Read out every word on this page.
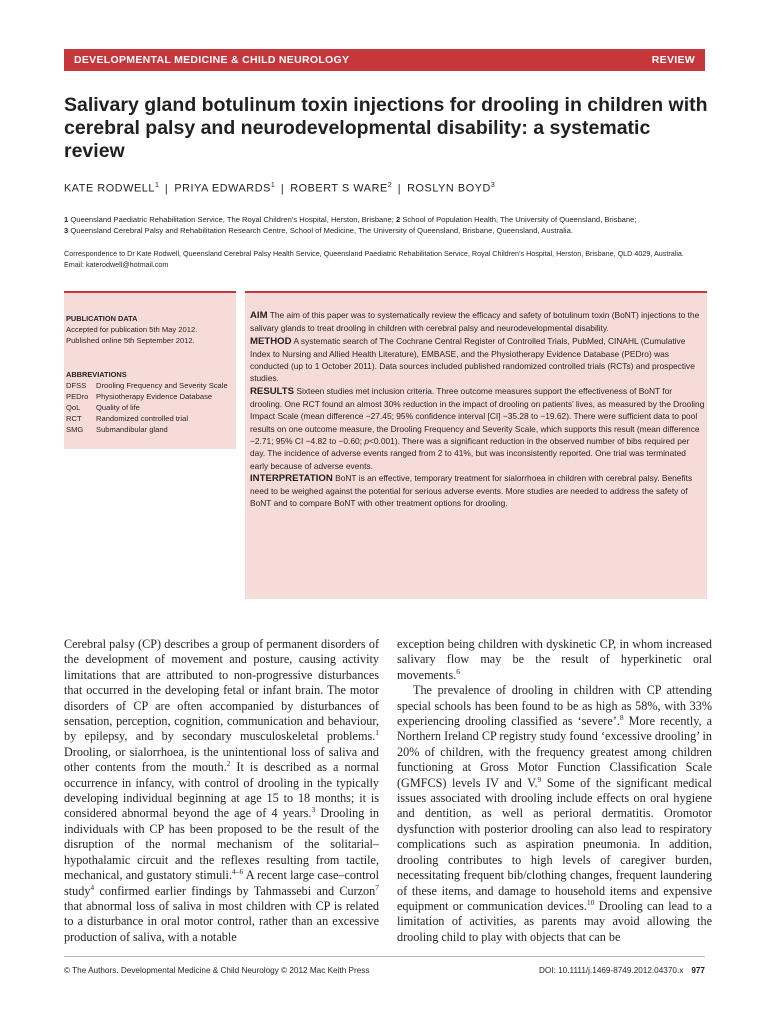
DEVELOPMENTAL MEDICINE & CHILD NEUROLOGY	REVIEW
Salivary gland botulinum toxin injections for drooling in children with cerebral palsy and neurodevelopmental disability: a systematic review
KATE RODWELL$^1$ | PRIYA EDWARDS$^1$ | ROBERT S WARE$^2$ | ROSLYN BOYD$^3$
1 Queensland Paediatric Rehabilitation Service, The Royal Children’s Hospital, Herston, Brisbane; 2 School of Population Health, The University of Queensland, Brisbane;
3 Queensland Cerebral Palsy and Rehabilitation Research Centre, School of Medicine, The University of Queensland, Brisbane, Queensland, Australia.
Correspondence to Dr Kate Rodwell, Queensland Cerebral Palsy Health Service, Queensland Paediatric Rehabilitation Service, Royal Children’s Hospital, Herston, Brisbane, QLD 4029, Australia.
Email: katerodwell@hotmail.com
PUBLICATION DATA
Accepted for publication 5th May 2012.
Published online 5th September 2012.
ABBREVIATIONS
DFSS	Drooling Frequency and Severity Scale
PEDro	Physiotherapy Evidence Database
QoL	Quality of life
RCT	Randomized controlled trial
SMG	Submandibular gland

AIM The aim of this paper was to systematically review the efficacy and safety of botulinum toxin (BoNT) injections to the salivary glands to treat drooling in children with cerebral palsy and neurodevelopmental disability.

METHOD A systematic search of The Cochrane Central Register of Controlled Trials, PubMed, CINAHL (Cumulative Index to Nursing and Allied Health Literature), EMBASE, and the Physiotherapy Evidence Database (PEDro) was conducted (up to 1 October 2011). Data sources included published randomized controlled trials (RCTs) and prospective studies.

RESULTS Sixteen studies met inclusion criteria. Three outcome measures support the effectiveness of BoNT for drooling. One RCT found an almost 30% reduction in the impact of drooling on patients’ lives, as measured by the Drooling Impact Scale (mean difference −27.45; 95% confidence interval [CI] −35.28 to −19.62). There were sufficient data to pool results on one outcome measure, the Drooling Frequency and Severity Scale, which supports this result (mean difference −2.71; 95% CI −4.82 to −0.60; p<0.001). There was a significant reduction in the observed number of bibs required per day. The incidence of adverse events ranged from 2 to 41%, but was inconsistently reported. One trial was terminated early because of adverse events.

INTERPRETATION BoNT is an effective, temporary treatment for sialorrhoea in children with cerebral palsy. Benefits need to be weighed against the potential for serious adverse events. More studies are needed to address the safety of BoNT and to compare BoNT with other treatment options for drooling.

Cerebral palsy (CP) describes a group of permanent disorders of the development of movement and posture, causing activity limitations that are attributed to non-progressive disturbances that occurred in the developing fetal or infant brain. The motor disorders of CP are often accompanied by disturbances of sensation, perception, cognition, communication and behaviour, by epilepsy, and by secondary musculoskeletal problems.$^1$ Drooling, or sialorrhoea, is the unintentional loss of saliva and other contents from the mouth.$^2$ It is described as a normal occurrence in infancy, with control of drooling in the typically developing individual beginning at age 15 to 18 months; it is considered abnormal beyond the age of 4 years.$^3$ Drooling in individuals with CP has been proposed to be the result of the disruption of the normal mechanism of the solitarial–hypothalamic circuit and the reflexes resulting from tactile, mechanical, and gustatory stimuli.$^{4-6}$ A recent large case–control study$^4$ confirmed earlier findings by Tahmassebi and Curzon$^7$ that abnormal loss of saliva in most children with CP is related to a disturbance in oral motor control, rather than an excessive production of saliva, with a notable

exception being children with dyskinetic CP, in whom increased salivary flow may be the result of hyperkinetic oral movements.$^6$

The prevalence of drooling in children with CP attending special schools has been found to be as high as 58%, with 33% experiencing drooling classified as ‘severe’.$^8$ More recently, a Northern Ireland CP registry study found ‘excessive drooling’ in 20% of children, with the frequency greatest among children functioning at Gross Motor Function Classification Scale (GMFCS) levels IV and V.$^9$ Some of the significant medical issues associated with drooling include effects on oral hygiene and dentition, as well as perioral dermatitis. Oromotor dysfunction with posterior drooling can also lead to respiratory complications such as aspiration pneumonia. In addition, drooling contributes to high levels of caregiver burden, necessitating frequent bib/clothing changes, frequent laundering of these items, and damage to household items and expensive equipment or communication devices.$^{10}$ Drooling can lead to a limitation of activities, as parents may avoid allowing the drooling child to play with objects that can be

© The Authors. Developmental Medicine & Child Neurology © 2012 Mac Keith Press	DOI: 10.1111/j.1469-8749.2012.04370.x 977
